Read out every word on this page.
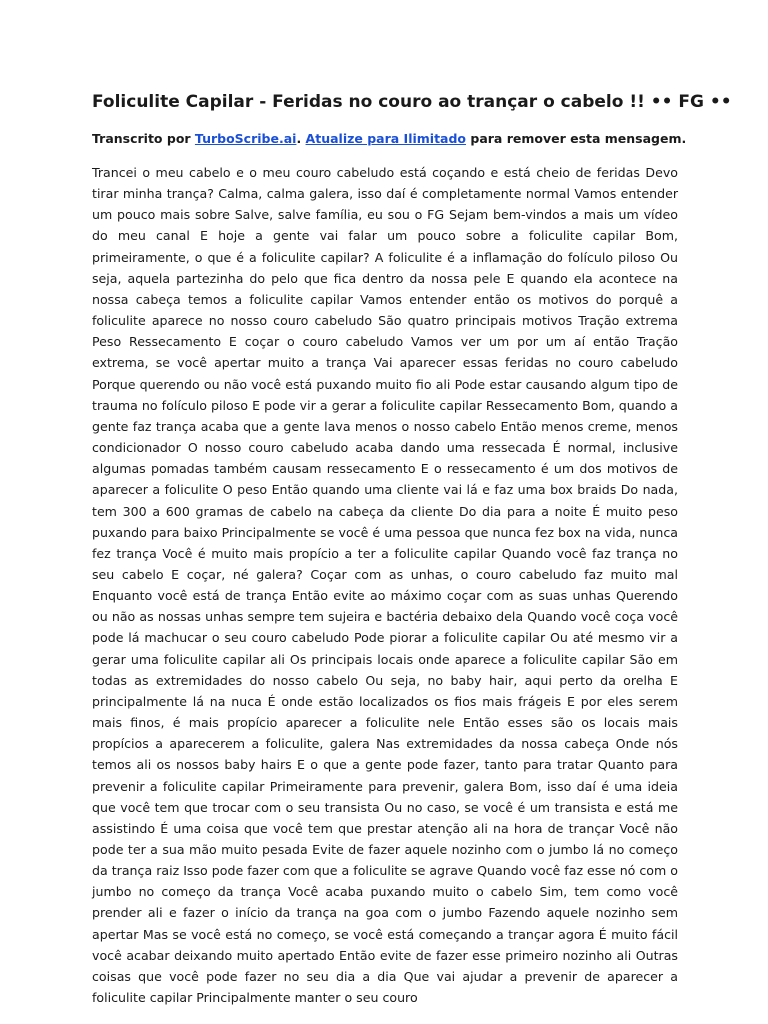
Foliculite Capilar - Feridas no couro ao trançar o cabelo !! •• FG ••

Transcrito por TurboScribe.ai. Atualize para Ilimitado para remover esta mensagem.

Trancei o meu cabelo e o meu couro cabeludo está coçando e está cheio de feridas Devo tirar minha trança? Calma, calma galera, isso daí é completamente normal Vamos entender um pouco mais sobre Salve, salve família, eu sou o FG Sejam bem-vindos a mais um vídeo do meu canal E hoje a gente vai falar um pouco sobre a foliculite capilar Bom, primeiramente, o que é a foliculite capilar? A foliculite é a inflamação do folículo piloso Ou seja, aquela partezinha do pelo que fica dentro da nossa pele E quando ela acontece na nossa cabeça temos a foliculite capilar Vamos entender então os motivos do porquê a foliculite aparece no nosso couro cabeludo São quatro principais motivos Tração extrema Peso Ressecamento E coçar o couro cabeludo Vamos ver um por um aí então Tração extrema, se você apertar muito a trança Vai aparecer essas feridas no couro cabeludo Porque querendo ou não você está puxando muito fio ali Pode estar causando algum tipo de trauma no folículo piloso E pode vir a gerar a foliculite capilar Ressecamento Bom, quando a gente faz trança acaba que a gente lava menos o nosso cabelo Então menos creme, menos condicionador O nosso couro cabeludo acaba dando uma ressecada É normal, inclusive algumas pomadas também causam ressecamento E o ressecamento é um dos motivos de aparecer a foliculite O peso Então quando uma cliente vai lá e faz uma box braids Do nada, tem 300 a 600 gramas de cabelo na cabeça da cliente Do dia para a noite É muito peso puxando para baixo Principalmente se você é uma pessoa que nunca fez box na vida, nunca fez trança Você é muito mais propício a ter a foliculite capilar Quando você faz trança no seu cabelo E coçar, né galera? Coçar com as unhas, o couro cabeludo faz muito mal Enquanto você está de trança Então evite ao máximo coçar com as suas unhas Querendo ou não as nossas unhas sempre tem sujeira e bactéria debaixo dela Quando você coça você pode lá machucar o seu couro cabeludo Pode piorar a foliculite capilar Ou até mesmo vir a gerar uma foliculite capilar ali Os principais locais onde aparece a foliculite capilar São em todas as extremidades do nosso cabelo Ou seja, no baby hair, aqui perto da orelha E principalmente lá na nuca É onde estão localizados os fios mais frágeis E por eles serem mais finos, é mais propício aparecer a foliculite nele Então esses são os locais mais propícios a aparecerem a foliculite, galera Nas extremidades da nossa cabeça Onde nós temos ali os nossos baby hairs E o que a gente pode fazer, tanto para tratar Quanto para prevenir a foliculite capilar Primeiramente para prevenir, galera Bom, isso daí é uma ideia que você tem que trocar com o seu transista Ou no caso, se você é um transista e está me assistindo É uma coisa que você tem que prestar atenção ali na hora de trançar Você não pode ter a sua mão muito pesada Evite de fazer aquele nozinho com o jumbo lá no começo da trança raiz Isso pode fazer com que a foliculite se agrave Quando você faz esse nó com o jumbo no começo da trança Você acaba puxando muito o cabelo Sim, tem como você prender ali e fazer o início da trança na goa com o jumbo Fazendo aquele nozinho sem apertar Mas se você está no começo, se você está começando a trançar agora É muito fácil você acabar deixando muito apertado Então evite de fazer esse primeiro nozinho ali Outras coisas que você pode fazer no seu dia a dia Que vai ajudar a prevenir de aparecer a foliculite capilar Principalmente manter o seu couro
